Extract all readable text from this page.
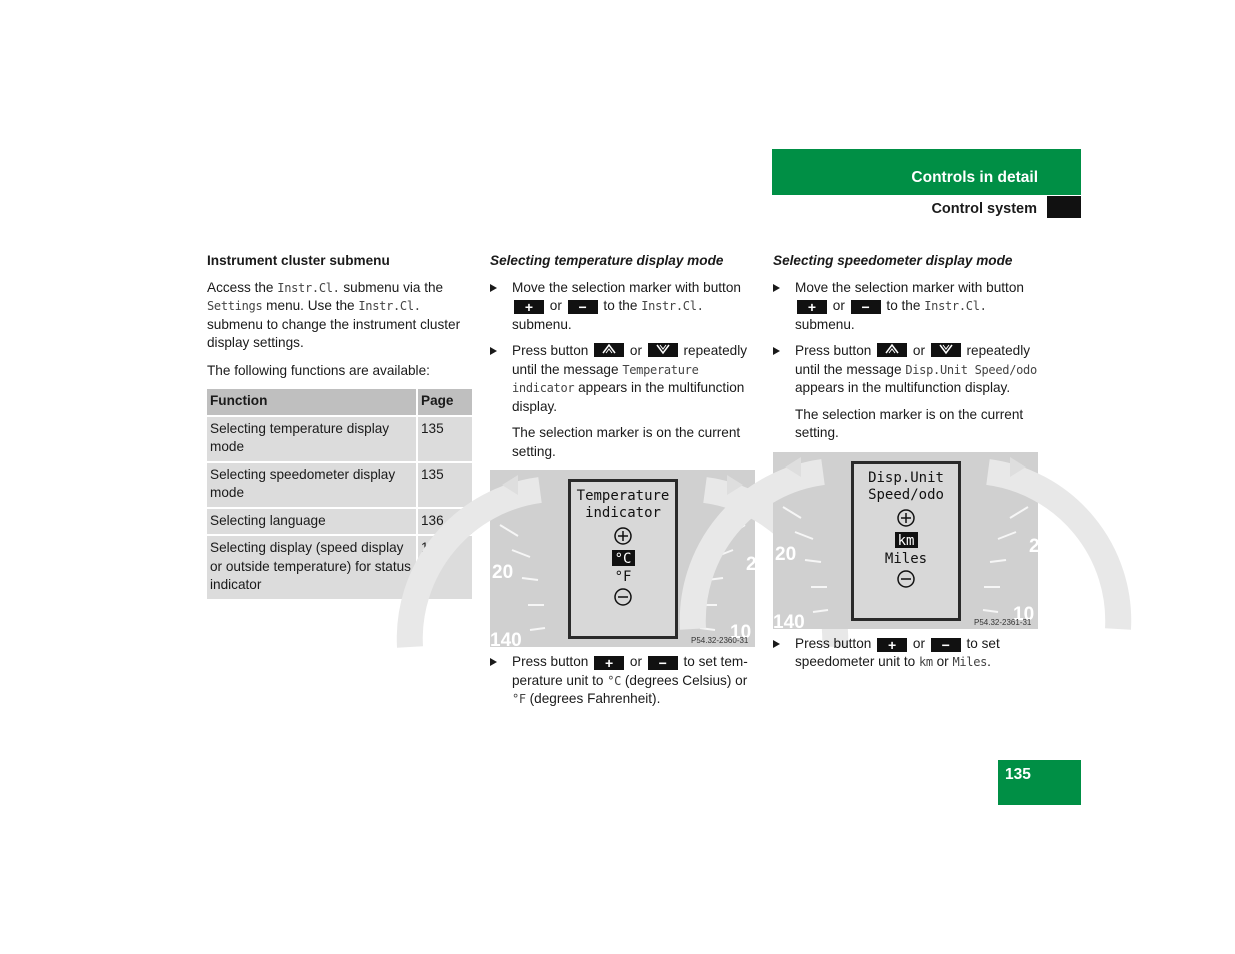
Controls in detail
Control system
Instrument cluster submenu

Access the Instr.Cl. submenu via the Settings menu. Use the Instr.Cl. submenu to change the instrument cluster display settings.

The following functions are available:

Function	Page
Selecting temperature display mode	135
Selecting speedometer display mode	135
Selecting language	136
Selecting display (speed display or outside temperature) for status indicator	136
Selecting temperature display mode
Move the selection marker with button + or − to the Instr.Cl. submenu.
Press button	or	repeatedly until the message Temperature indicator appears in the multifunction display.
The selection marker is on the current setting.
20
140
2
10
Temperature
indicator
°C
°F
P54.32-2360-31
Press button + or − to set tem-perature unit to °C (degrees Celsius) or °F (degrees Fahrenheit).
Selecting speedometer display mode
Move the selection marker with button + or − to the Instr.Cl. submenu.
Press button	or	repeatedly until the message Disp.Unit Speed/odo appears in the multifunction display.
The selection marker is on the current setting.
20
140
2
10
Disp.Unit
Speed/odo
km
Miles
P54.32-2361-31
Press button + or − to set speedometer unit to km or Miles.
135
